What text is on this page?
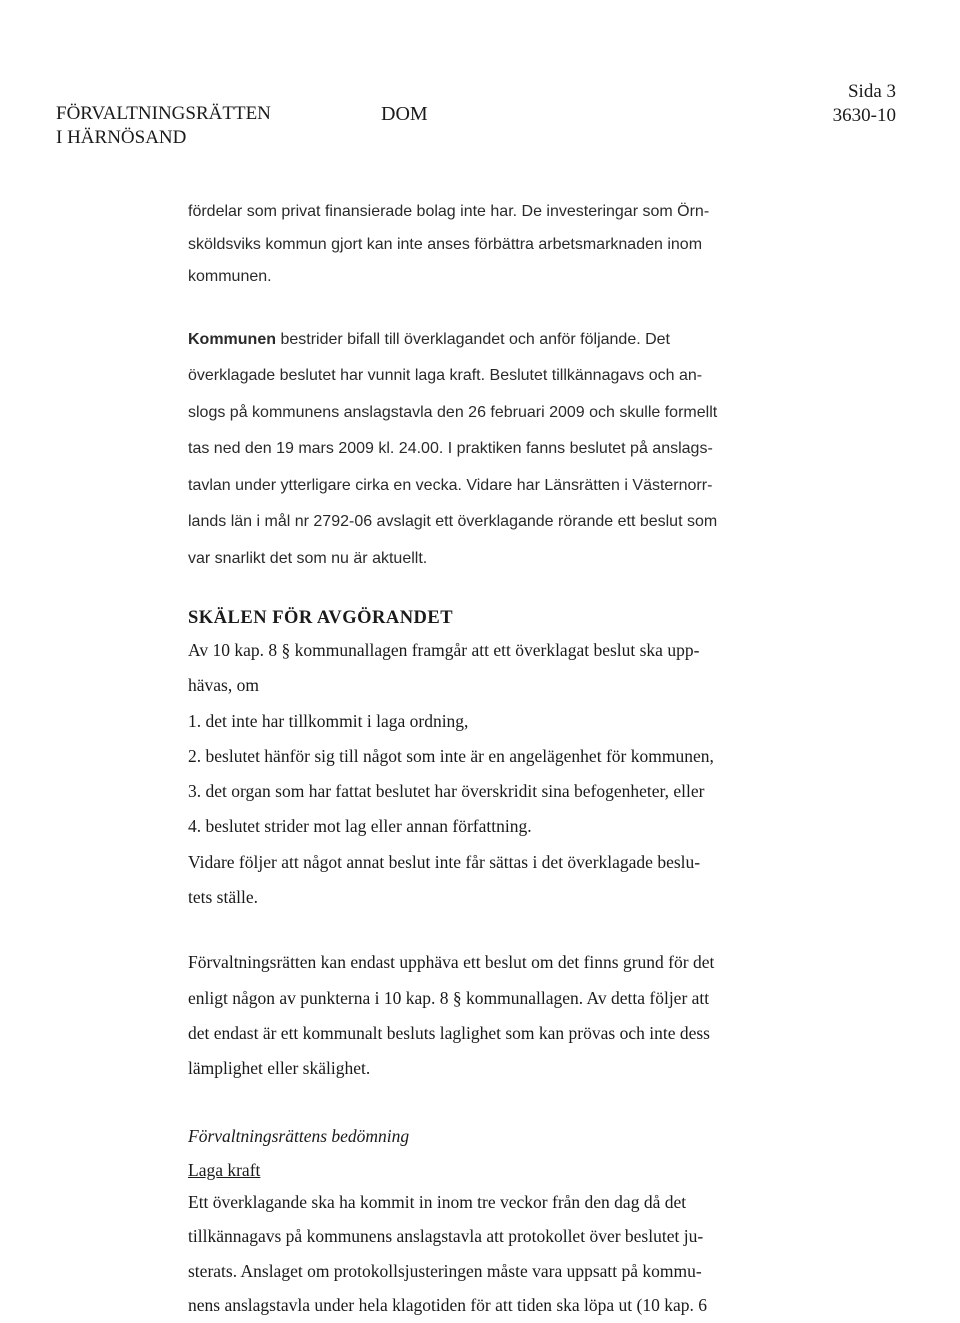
FÖRVALTNINGSRÄTTEN
I HÄRNÖSAND
DOM
Sida 3
3630-10
fördelar som privat finansierade bolag inte har. De investeringar som Örn-
sköldsviks kommun gjort kan inte anses förbättra arbetsmarknaden inom
kommunen.
Kommunen bestrider bifall till överklagandet och anför följande. Det
överklagade beslutet har vunnit laga kraft. Beslutet tillkännagavs och an-
slogs på kommunens anslagstavla den 26 februari 2009 och skulle formellt
tas ned den 19 mars 2009 kl. 24.00. I praktiken fanns beslutet på anslags-
tavlan under ytterligare cirka en vecka. Vidare har Länsrätten i Västernorr-
lands län i mål nr 2792-06 avslagit ett överklagande rörande ett beslut som
var snarlikt det som nu är aktuellt.
SKÄLEN FÖR AVGÖRANDET
Av 10 kap. 8 § kommunallagen framgår att ett överklagat beslut ska upp-
hävas, om
1. det inte har tillkommit i laga ordning,
2. beslutet hänför sig till något som inte är en angelägenhet för kommunen,
3. det organ som har fattat beslutet har överskridit sina befogenheter, eller
4. beslutet strider mot lag eller annan författning.
Vidare följer att något annat beslut inte får sättas i det överklagade beslu-
tets ställe.
Förvaltningsrätten kan endast upphäva ett beslut om det finns grund för det
enligt någon av punkterna i 10 kap. 8 § kommunallagen. Av detta följer att
det endast är ett kommunalt besluts laglighet som kan prövas och inte dess
lämplighet eller skälighet.
Förvaltningsrättens bedömning
Laga kraft
Ett överklagande ska ha kommit in inom tre veckor från den dag då det
tillkännagavs på kommunens anslagstavla att protokollet över beslutet ju-
sterats. Anslaget om protokollsjusteringen måste vara uppsatt på kommu-
nens anslagstavla under hela klagotiden för att tiden ska löpa ut (10 kap. 6
